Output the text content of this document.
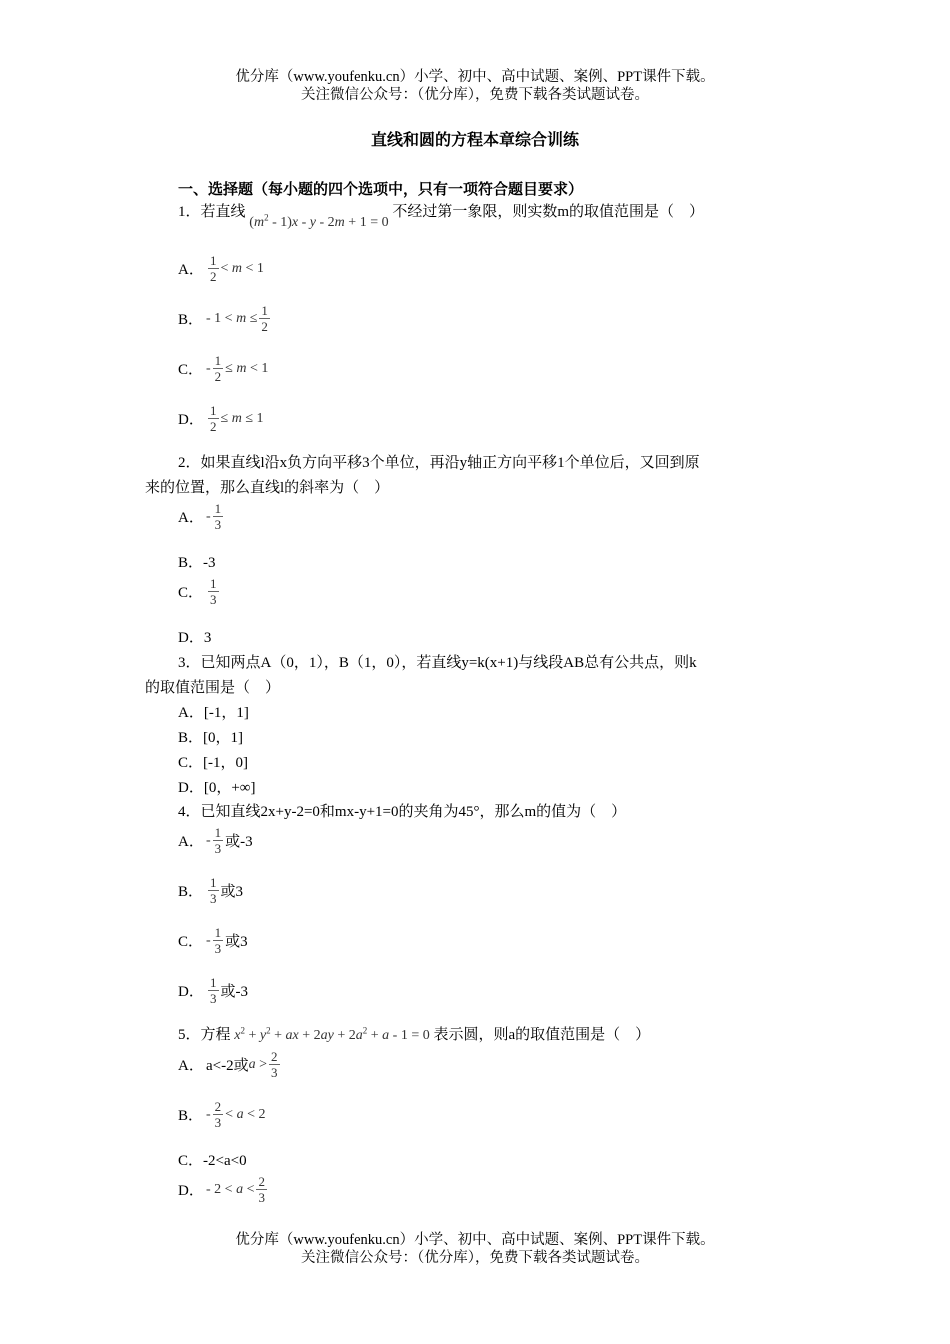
优分库（www.youfenku.cn）小学、初中、高中试题、案例、PPT课件下载。
关注微信公众号：（优分库），免费下载各类试题试卷。
直线和圆的方程本章综合训练
一、选择题（每小题的四个选项中，只有一项符合题目要求）
1．若直线 $(m^2 - 1)x - y - 2m + 1 = 0$ 不经过第一象限，则实数m的取值范围是（　）
A． $\frac{1}{2} < m < 1$
B． - $1 < m \le \frac{1}{2}$
C． - $\frac{1}{2} \le m < 1$
D． $\frac{1}{2} \le m \le 1$
2．如果直线l沿x负方向平移3个单位，再沿y轴正方向平移1个单位后，又回到原
来的位置，那么直线l的斜率为（　）
A． - $\frac{1}{3}$
B．-3
C． $\frac{1}{3}$
D．3
3．已知两点A（0，1），B（1，0），若直线y=k(x+1)与线段AB总有公共点，则k
的取值范围是（　）
A．[-1，1]
B．[0，1]
C．[-1，0]
D．[0，+∞]
4．已知直线2x+y-2=0和mx-y+1=0的夹角为45°，那么m的值为（　）
A． - $\frac{1}{3}$ 或-3
B． $\frac{1}{3}$ 或3
C． - $\frac{1}{3}$ 或3
D． $\frac{1}{3}$ 或-3
5．方程 $x^2 + y^2$ + ax + $2ay + 2a^2 + a - 1 = 0$ 表示圆，则a的取值范围是（　）
A． a<-2或 $a > \frac{2}{3}$
B． - $\frac{2}{3} < a < 2$
C．-2<a<0
D． - $2 < a < \frac{2}{3}$
优分库（www.youfenku.cn）小学、初中、高中试题、案例、PPT课件下载。
关注微信公众号：（优分库），免费下载各类试题试卷。
